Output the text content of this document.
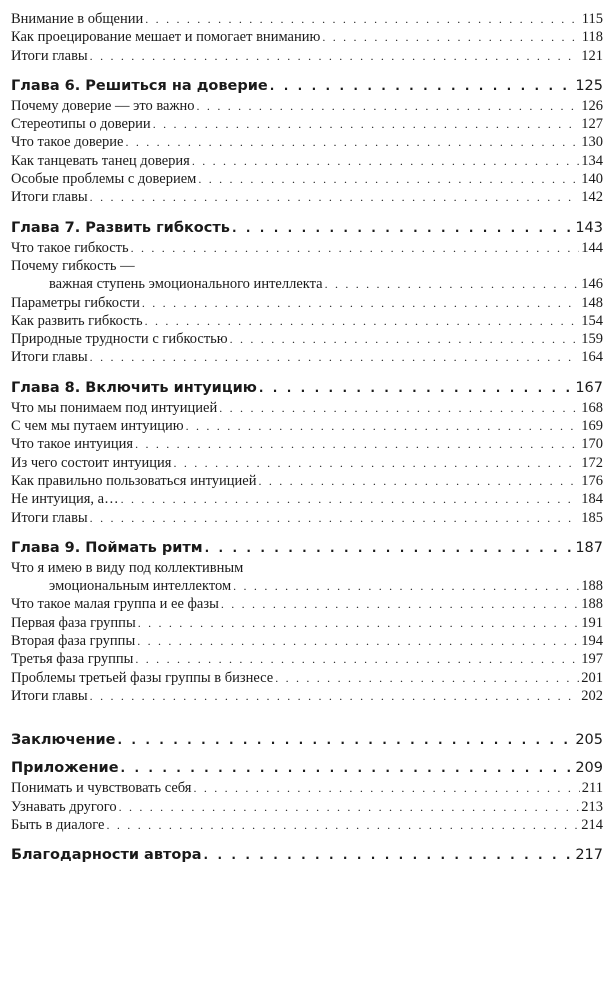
Внимание в общении . . .	115
Как проецирование мешает и помогает вниманию . . .	118
Итоги главы . . .	121
Глава 6. Решиться на доверие . . .	125
Почему доверие — это важно . . .	126
Стереотипы о доверии . . .	127
Что такое доверие . . .	130
Как танцевать танец доверия . . .	134
Особые проблемы с доверием . . .	140
Итоги главы . . .	142
Глава 7. Развить гибкость . . .	143
Что такое гибкость . . .	144
Почему гибкость —
важная ступень эмоционального интеллекта . . .	146
Параметры гибкости . . .	148
Как развить гибкость . . .	154
Природные трудности с гибкостью . . .	159
Итоги главы . . .	164
Глава 8. Включить интуицию . . .	167
Что мы понимаем под интуицией . . .	168
С чем мы путаем интуицию . . .	169
Что такое интуиция . . .	170
Из чего состоит интуиция . . .	172
Как правильно пользоваться интуицией . . .	176
Не интуиция, а… . . .	184
Итоги главы . . .	185
Глава 9. Поймать ритм . . .	187
Что я имею в виду под коллективным
эмоциональным интеллектом . . .	188
Что такое малая группа и ее фазы . . .	188
Первая фаза группы . . .	191
Вторая фаза группы . . .	194
Третья фаза группы . . .	197
Проблемы третьей фазы группы в бизнесе . . .	201
Итоги главы . . .	202
Заключение . . .	205
Приложение . . .	209
Понимать и чувствовать себя . . .	211
Узнавать другого . . .	213
Быть в диалоге . . .	214
Благодарности автора . . .	217
